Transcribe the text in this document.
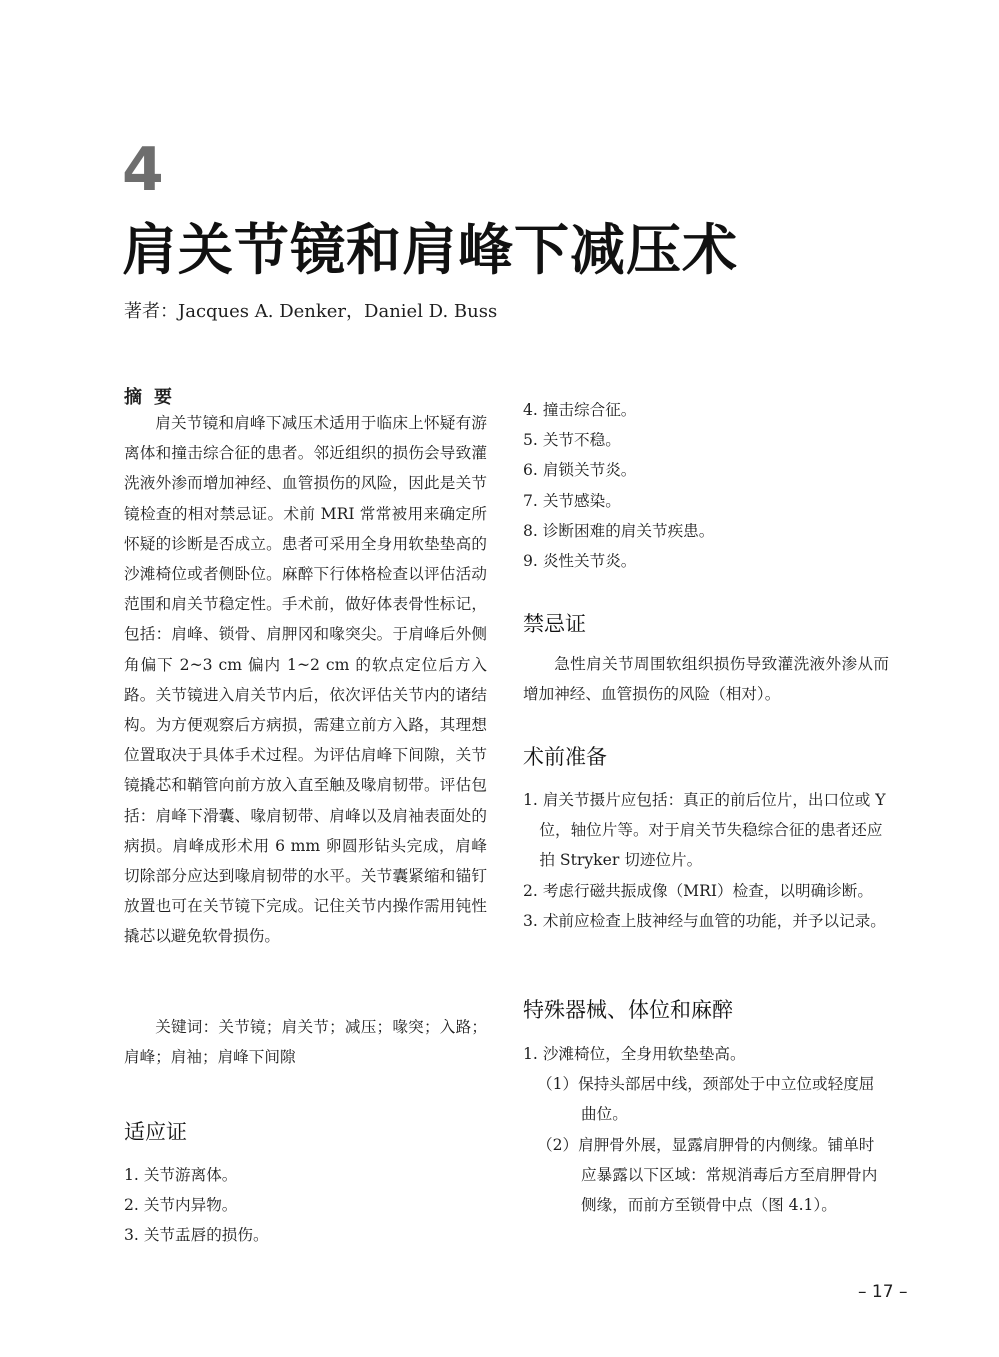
4
肩关节镜和肩峰下减压术
著者：Jacques A. Denker，Daniel D. Buss
摘要

肩关节镜和肩峰下减压术适用于临床上怀疑有游离体和撞击综合征的患者。邻近组织的损伤会导致灌洗液外渗而增加神经、血管损伤的风险，因此是关节镜检查的相对禁忌证。术前 MRI 常常被用来确定所怀疑的诊断是否成立。患者可采用全身用软垫垫高的沙滩椅位或者侧卧位。麻醉下行体格检查以评估活动范围和肩关节稳定性。手术前，做好体表骨性标记，包括：肩峰、锁骨、肩胛冈和喙突尖。于肩峰后外侧角偏下 2~3 cm 偏内 1~2 cm 的软点定位后方入路。关节镜进入肩关节内后，依次评估关节内的诸结构。为方便观察后方病损，需建立前方入路，其理想位置取决于具体手术过程。为评估肩峰下间隙，关节镜撬芯和鞘管向前方放入直至触及喙肩韧带。评估包括：肩峰下滑囊、喙肩韧带、肩峰以及肩袖表面处的病损。肩峰成形术用 6 mm 卵圆形钻头完成，肩峰切除部分应达到喙肩韧带的水平。关节囊紧缩和锚钉放置也可在关节镜下完成。记住关节内操作需用钝性撬芯以避免软骨损伤。

关键词：关节镜；肩关节；减压；喙突；入路；肩峰；肩袖；肩峰下间隙

适应证
1. 关节游离体。
2. 关节内异物。
3. 关节盂唇的损伤。
4. 撞击综合征。
5. 关节不稳。
6. 肩锁关节炎。
7. 关节感染。
8. 诊断困难的肩关节疾患。
9. 炎性关节炎。
禁忌证

急性肩关节周围软组织损伤导致灌洗液外渗从而增加神经、血管损伤的风险（相对）。

术前准备
1. 肩关节摄片应包括：真正的前后位片，出口位或 Y 位，轴位片等。对于肩关节失稳综合征的患者还应拍 Stryker 切迹位片。
2. 考虑行磁共振成像（MRI）检查，以明确诊断。
3. 术前应检查上肢神经与血管的功能，并予以记录。
特殊器械、体位和麻醉
1. 沙滩椅位，全身用软垫垫高。
（1）保持头部居中线，颈部处于中立位或轻度屈曲位。
（2）肩胛骨外展，显露肩胛骨的内侧缘。铺单时应暴露以下区域：常规消毒后方至肩胛骨内侧缘，而前方至锁骨中点（图 4.1）。
– 17 –
